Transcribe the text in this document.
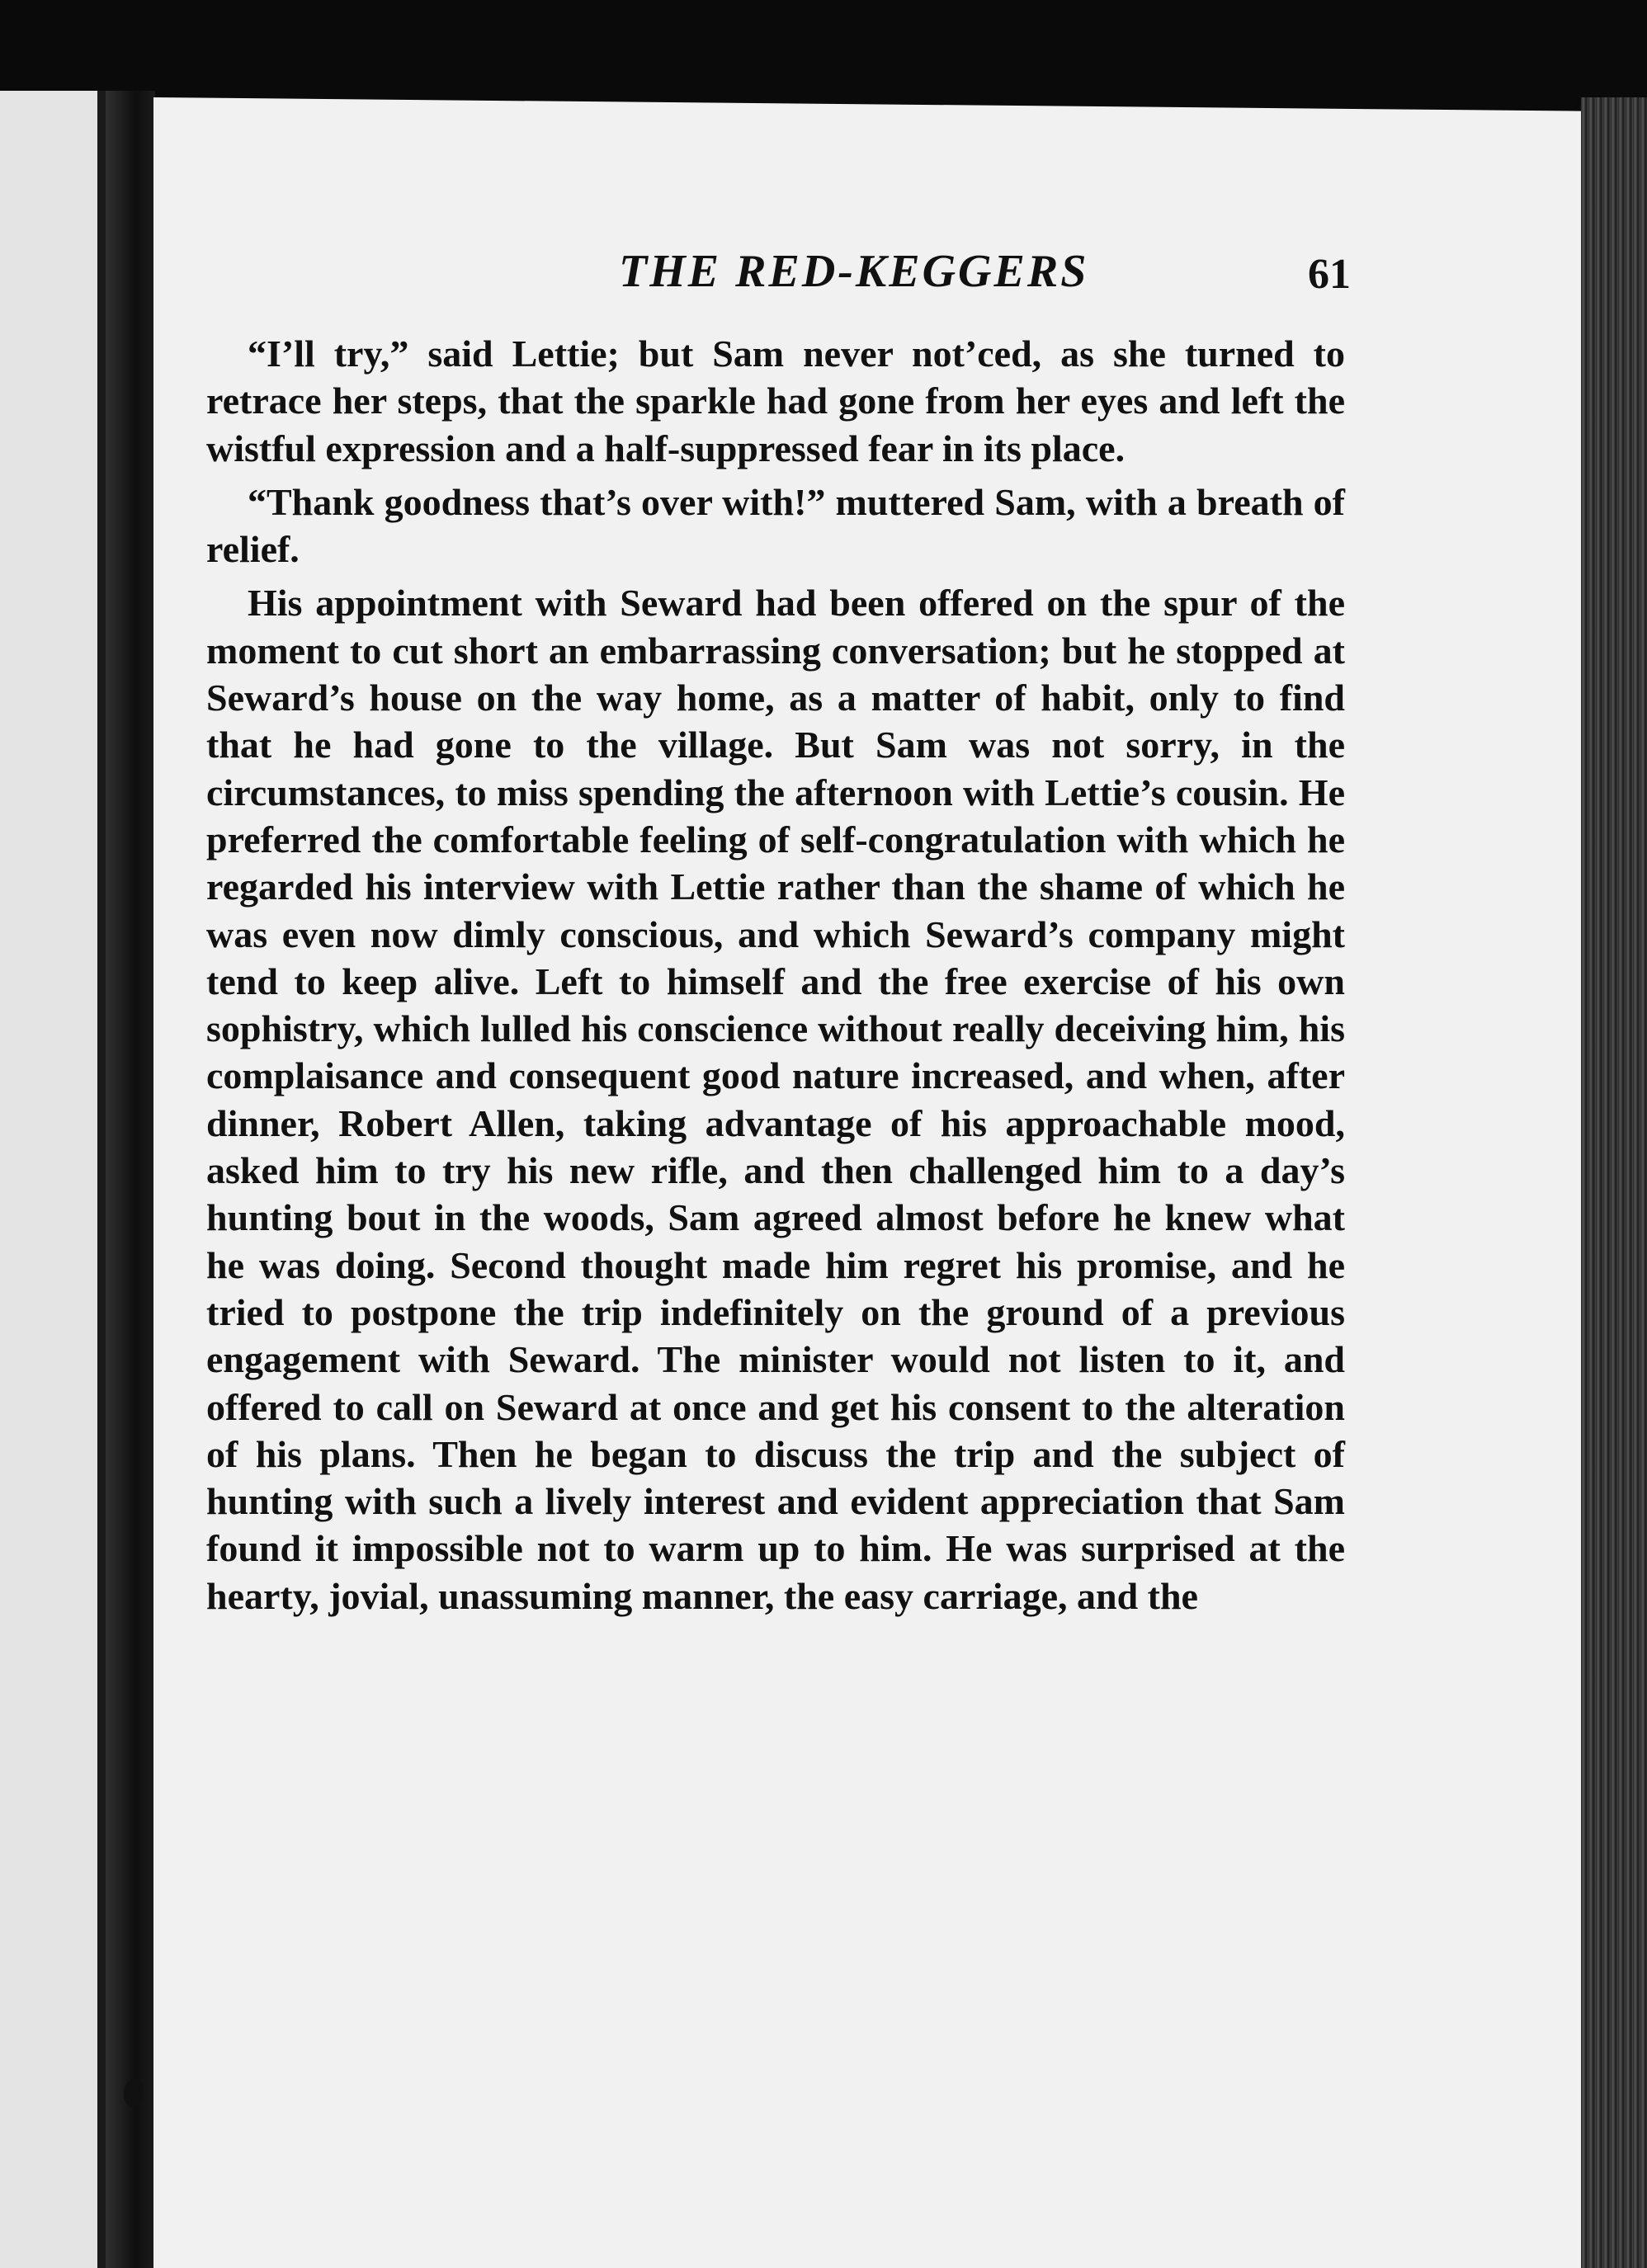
THE RED-KEGGERS	61

“I’ll try,” said Lettie; but Sam never not’ced, as she turned to retrace her steps, that the sparkle had gone from her eyes and left the wistful expression and a half-suppressed fear in its place.

“Thank goodness that’s over with!” muttered Sam, with a breath of relief.

His appointment with Seward had been offered on the spur of the moment to cut short an embarrassing conversation; but he stopped at Seward’s house on the way home, as a matter of habit, only to find that he had gone to the village. But Sam was not sorry, in the circumstances, to miss spending the afternoon with Lettie’s cousin. He preferred the comfortable feeling of self-congratulation with which he regarded his interview with Lettie rather than the shame of which he was even now dimly conscious, and which Seward’s company might tend to keep alive. Left to himself and the free exercise of his own sophistry, which lulled his conscience without really deceiving him, his complaisance and consequent good nature increased, and when, after dinner, Robert Allen, taking advantage of his approachable mood, asked him to try his new rifle, and then challenged him to a day’s hunting bout in the woods, Sam agreed almost before he knew what he was doing. Second thought made him regret his promise, and he tried to postpone the trip indefinitely on the ground of a previous engagement with Seward. The minister would not listen to it, and offered to call on Seward at once and get his consent to the alteration of his plans. Then he began to discuss the trip and the subject of hunting with such a lively interest and evident appreciation that Sam found it impossible not to warm up to him. He was surprised at the hearty, jovial, unassuming manner, the easy carriage, and the
